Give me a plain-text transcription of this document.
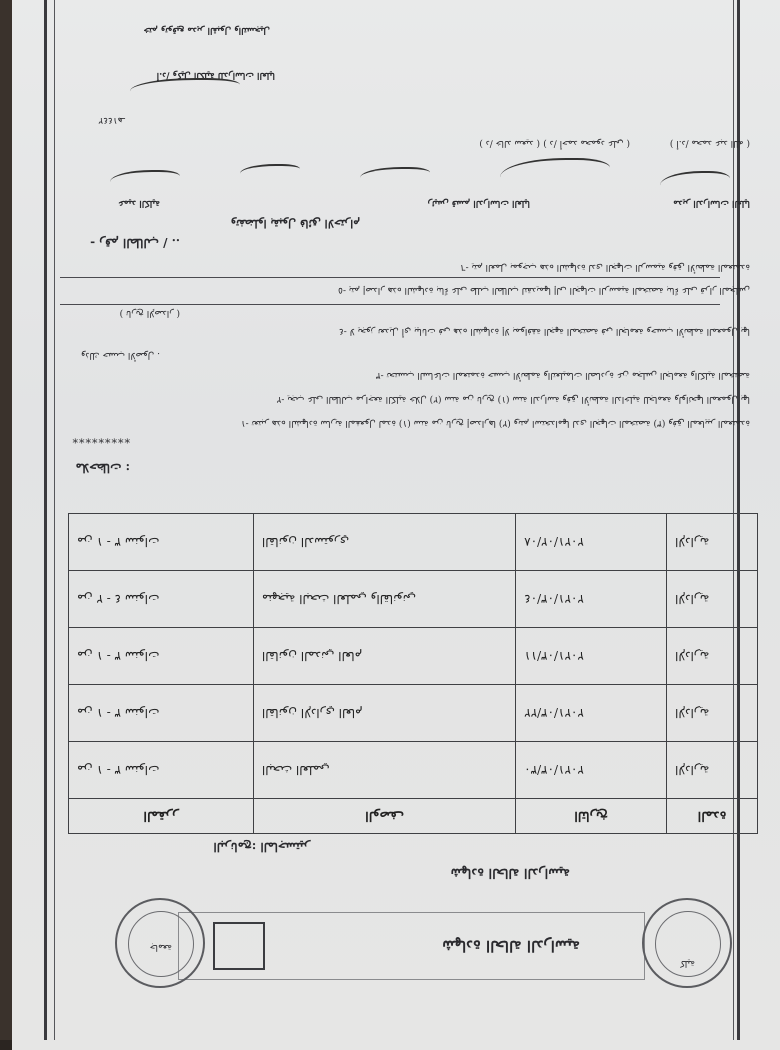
شهادة الحالة الدراسية
كلية
جامعة
شهادة الحالة الدراسية
البرنامج: الماجستير
المقرر	الوصف	التاريخ	المدة
من ١ - ٣ سنوات	البحث العلمي	٢٠٢١/٠٣/٣٠	الإدارية
من ١ - ٣ سنوات	القانون الإداري العام	٢٠٢١/٠٣/٢٢	الإدارية
من ١ - ٣ سنوات	القانون المدني العام	٢٠٢١/٠٣/١١	الإدارية
من ٢ - ٤ سنوات	منهجية البحث العلمي والقانوني	٢٠٢١/٠٣/٠٤	الإدارية
من ١ - ٣ سنوات	القانون الدستوري	٢٠٢١/٠٢/٠٨	الإدارية
ملاحظات :
*********
١- تعتبر هذه الشهادة سارية المفعول لمدة (١) سنة من تاريخ إصدارها (٢) ويتم استخدامها لدى الجهات المختصة (٣) وفق المعايير المعتمدة
٢- يجب على الطالب مراجعة الكلية خلال (٢) سنة من تاريخ (١) سنة الدراسة وفق الأنظمة الداخلية للجامعة ولوائحها المعمول بها
٣- تحتسب الساعات المعتمدة حسب الأنظمة والتعليمات الصادرة عن مجلس الجامعة والكلية المختصة
وذلك حسب الأصول .
٤- لا يجوز تعديل أي بيانات في هذه الشهادة إلا بموافقة الجهة المختصة في الجامعة وحسب الأنظمة المعمول بها
( تاريخ الإصدار )
٥- يتم إصدار هذه الشهادة بناءً على طلب الطالب لتقديمها إلى الجهات الرسمية المختصة بناءً على قرار المجلس
٦- يتم العمل بموجب هذه الشهادة لدى الجهات الرسمية وفق الأنظمة المعتمدة
- رقم الطالب / ..
وتفضلوا بقبول فائق الاحترام
مدير الدراسات العليا
رئيس قسم الدراسات العليا
عميد الكلية
( أ.د/ محمد عبد الله )
( د/ أحمد محمود علي )
( د/ خالد سعيد )
١٤٤٢هـ
أ.د/ وكيل الكلية للدراسات العليا
ختم وتوقيع مدير القبول والتسجيل
